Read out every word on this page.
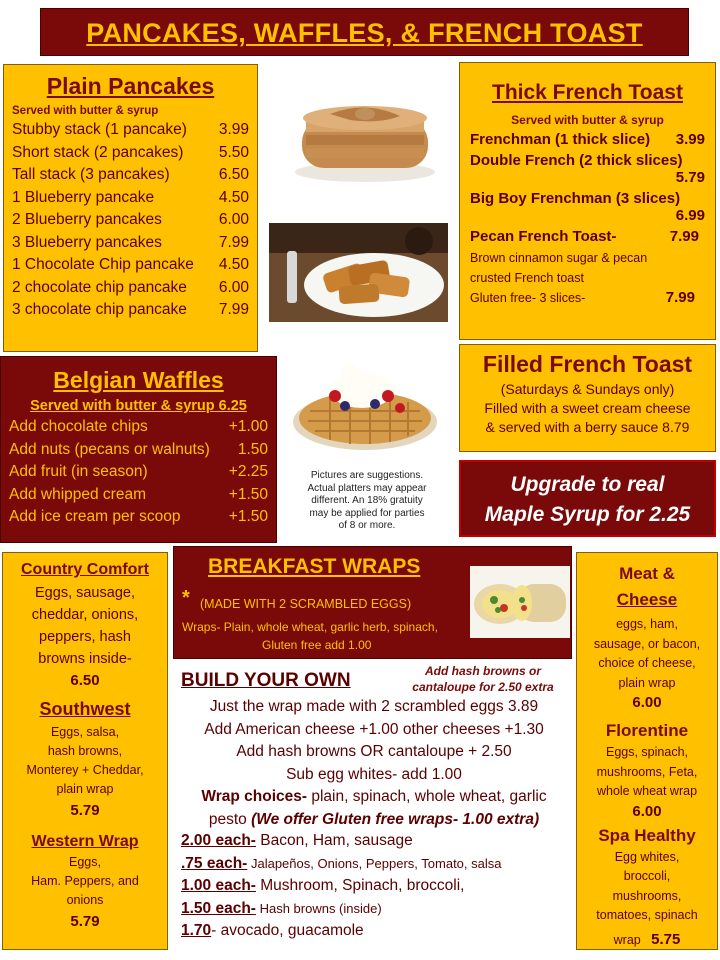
PANCAKES, WAFFLES, & FRENCH TOAST
Plain Pancakes
Served with butter & syrup
Stubby stack (1 pancake) 3.99
Short stack (2 pancakes) 5.50
Tall stack (3 pancakes)	6.50
1 Blueberry pancake	4.50
2 Blueberry pancakes	6.00
3 Blueberry pancakes	7.99
1 Chocolate Chip pancake 4.50
2 chocolate chip pancake 6.00
3 chocolate chip pancake 7.99
Thick French Toast
Served with butter & syrup
Frenchman (1 thick slice) 3.99
Double French (2 thick slices)
5.79
Big Boy Frenchman (3 slices)
6.99
Pecan French Toast-	7.99
Brown cinnamon sugar & pecan
crusted French toast
Gluten free- 3 slices-	7.99
Belgian Waffles
Served with butter & syrup 6.25
Add chocolate chips	+1.00
Add nuts (pecans or walnuts) 1.50
Add fruit (in season)	+2.25
Add whipped cream	+1.50
Add ice cream per scoop	+1.50
Pictures are suggestions.
Actual platters may appear
different. An 18% gratuity
may be applied for parties
of 8 or more.
Filled French Toast
(Saturdays & Sundays only)
Filled with a sweet cream cheese
& served with a berry sauce 8.79
Upgrade to real
Maple Syrup for 2.25
Country Comfort
Eggs, sausage,
cheddar, onions,
peppers, hash
browns inside-
6.50
Southwest
Eggs, salsa,
hash browns,
Monterey + Cheddar,
plain wrap
5.79
Western Wrap
Eggs,
Ham. Peppers, and
onions
5.79
BREAKFAST WRAPS
* (MADE WITH 2 SCRAMBLED EGGS)
Wraps- Plain, whole wheat, garlic herb, spinach,
Gluten free add 1.00
BUILD YOUR OWN	Add hash browns or
cantaloupe for 2.50 extra
Just the wrap made with 2 scrambled eggs 3.89
Add American cheese +1.00 other cheeses +1.30
Add hash browns OR cantaloupe + 2.50
Sub egg whites- add 1.00
Wrap choices- plain, spinach, whole wheat, garlic
pesto (We offer Gluten free wraps- 1.00 extra)
2.00 each- Bacon, Ham, sausage
.75 each- Jalapeños, Onions, Peppers, Tomato, salsa
1.00 each- Mushroom, Spinach, broccoli,
1.50 each- Hash browns (inside)
1.70- avocado, guacamole
Meat &
Cheese
eggs, ham,
sausage, or bacon,
choice of cheese,
plain wrap
6.00
Florentine
Eggs, spinach,
mushrooms, Feta,
whole wheat wrap
6.00
Spa Healthy
Egg whites,
broccoli,
mushrooms,
tomatoes, spinach
wrap 5.75
